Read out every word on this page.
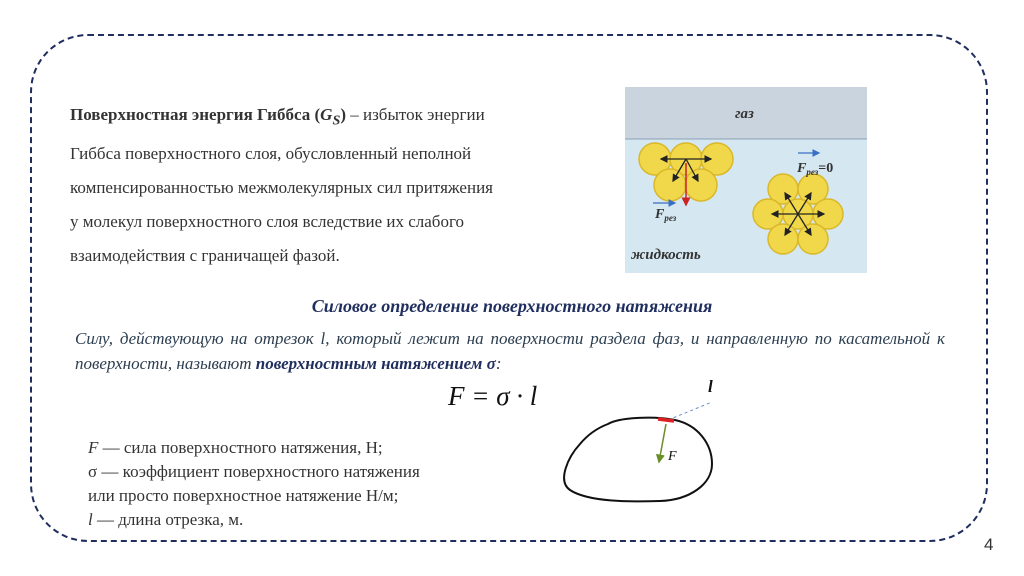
Поверхностная энергия Гиббса $(G_S)$ – избыток энергии

Гиббса поверхностного слоя, обусловленный неполной

компенсированностью межмолекулярных сил притяжения

у молекул поверхностного слоя вследствие их слабого

взаимодействия с граничащей фазой.

$F_{рез}$
$F_{рез}=0$
газ
жидкость
Силовое определение поверхностного натяжения
Силу, действующую на отрезок l, который лежит на поверхности раздела фаз, и направленную по касательной к поверхности, называют поверхностным натяжением σ:
F = σ · l
F — сила поверхностного натяжения, Н;
σ — коэффициент поверхностного натяжения
или просто поверхностное натяжение Н/м;
l — длина отрезка, м.
l
F
4
